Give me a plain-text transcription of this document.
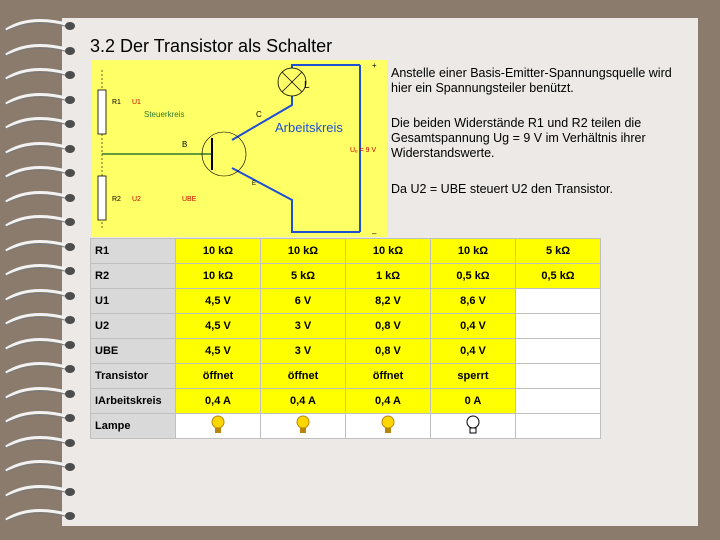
3.2 Der Transistor als Schalter
R1 U1
Steuerkreis	C
B
E
Arbeitskreis
Uₑ = 9 V
R2 U2	UBE
L
+
–
Anstelle einer Basis-Emitter-Spannungsquelle wird hier ein Spannungsteiler benützt.
Die beiden Widerstände R1 und R2 teilen die Gesamtspannung Ug = 9 V im Verhältnis ihrer Widerstandswerte.
Da U2 = UBE steuert U2 den Transistor.
R1	10 kΩ	10 kΩ	10 kΩ	10 kΩ	5 kΩ
R2	10 kΩ	5 kΩ	1 kΩ	0,5 kΩ	0,5 kΩ
U1	4,5 V	6 V	8,2 V	8,6 V	
U2	4,5 V	3 V	0,8 V	0,4 V	
UBE	4,5 V	3 V	0,8 V	0,4 V	
Transistor	öffnet	öffnet	öffnet	sperrt	
IArbeitskreis	0,4 A	0,4 A	0,4 A	0 A	
Lampe					
